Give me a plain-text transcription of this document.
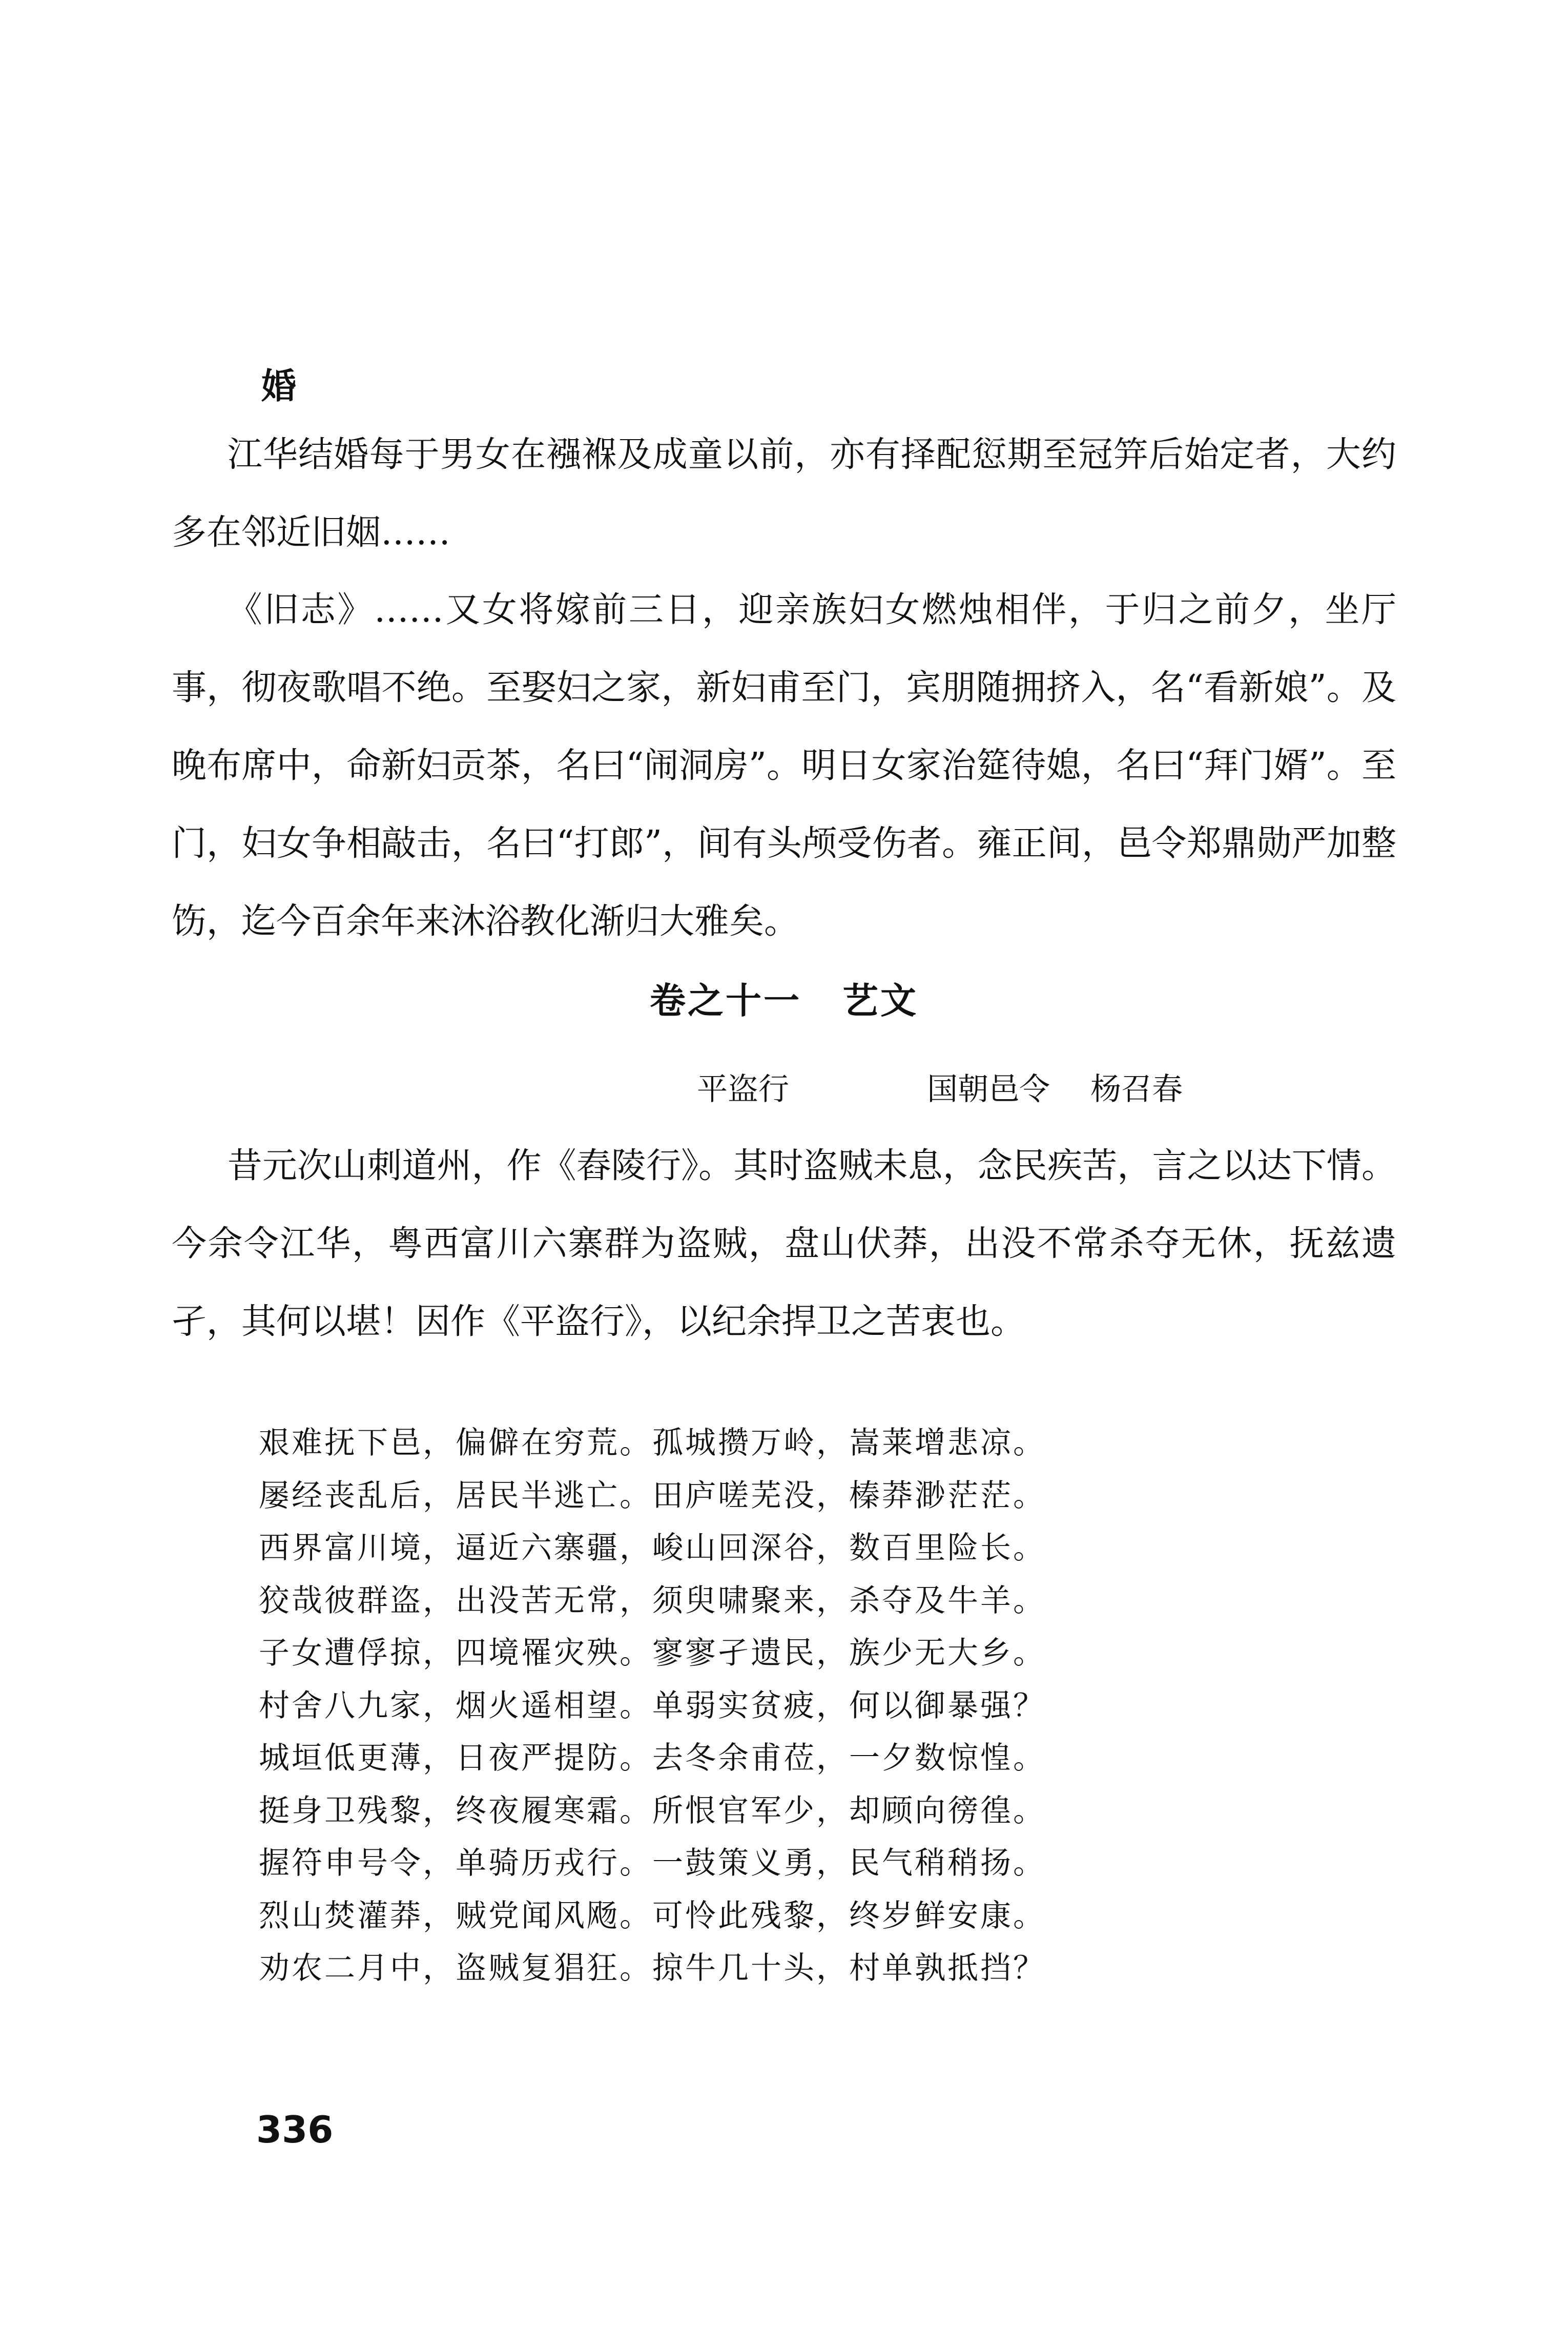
婚

江华结婚每于男女在襁褓及成童以前，亦有择配愆期至冠笄后始定者，大约多在邻近旧姻……

《旧志》……又女将嫁前三日，迎亲族妇女燃烛相伴，于归之前夕，坐厅事，彻夜歌唱不绝。至娶妇之家，新妇甫至门，宾朋随拥挤入，名“看新娘”。及晚布席中，命新妇贡茶，名曰“闹洞房”。明日女家治筵待媳，名曰“拜门婿”。至门，妇女争相敲击，名曰“打郎”，间有头颅受伤者。雍正间，邑令郑鼎勋严加整饬，迄今百余年来沐浴教化渐归大雅矣。

卷之十一 艺文
平盗行	国朝邑令 杨召春

昔元次山刺道州，作《舂陵行》。其时盗贼未息，念民疾苦，言之以达下情。今余令江华，粤西富川六寨群为盗贼，盘山伏莽，出没不常杀夺无休，抚兹遗孑，其何以堪！因作《平盗行》，以纪余捍卫之苦衷也。

艰难抚下邑，偏僻在穷荒。孤城攒万岭，嵩莱增悲凉。
屡经丧乱后，居民半逃亡。田庐嗟芜没，榛莽渺茫茫。
西界富川境，逼近六寨疆，峻山回深谷，数百里险长。
狡哉彼群盗，出没苦无常，须臾啸聚来，杀夺及牛羊。
子女遭俘掠，四境罹灾殃。寥寥孑遗民，族少无大乡。
村舍八九家，烟火遥相望。单弱实贫疲，何以御暴强？
城垣低更薄，日夜严提防。去冬余甫莅，一夕数惊惶。
挺身卫残黎，终夜履寒霜。所恨官军少，却顾向徬徨。
握符申号令，单骑历戎行。一鼓策义勇，民气稍稍扬。
烈山焚灌莽，贼党闻风飏。可怜此残黎，终岁鲜安康。
劝农二月中，盗贼复猖狂。掠牛几十头，村单孰抵挡？
336
